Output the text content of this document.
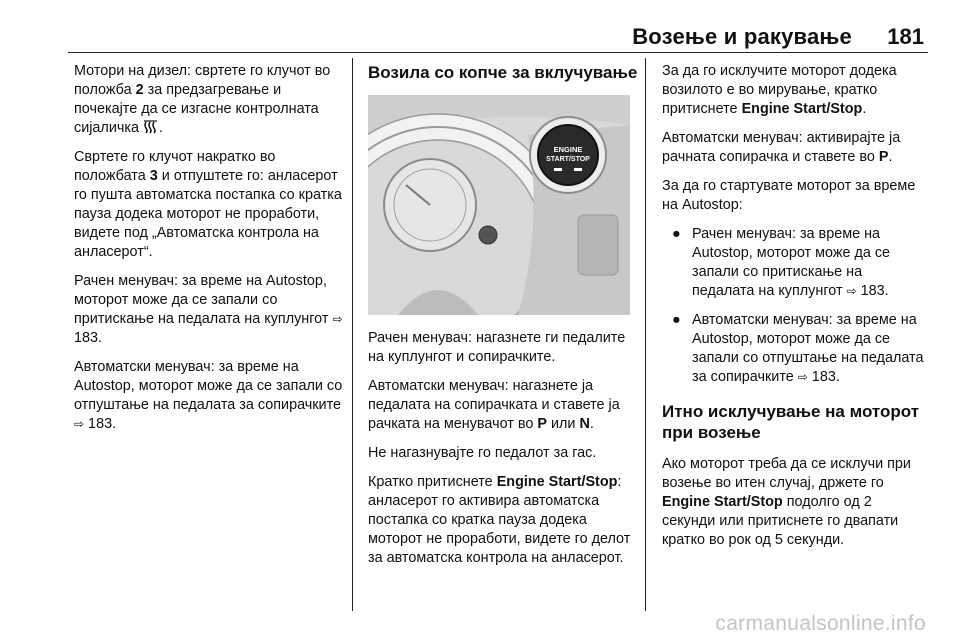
Возење и ракување 181

Мотори на дизел: свртете го клучот во положба 2 за предзагревање и почекајте да се изгасне контролната сијаличка .

Свртете го клучот накратко во положбата 3 и отпуштете го: анласерот го пушта автоматска постапка со кратка пауза додека моторот не проработи, видете под „Автоматска контрола на анласерот“.

Рачен менувач: за време на Autostop, моторот може да се запали со притискање на педалата на куплунгот ⇨ 183.

Автоматски менувач: за време на Autostop, моторот може да се запали со отпуштање на педалата за сопирачките ⇨ 183.

Возила со копче за вклучување
ENGINE
START/STOP

Рачен менувач: нагазнете ги педалите на куплунгот и сопирачките.

Автоматски менувач: нагазнете ја педалата на сопирачката и ставете ја рачката на менувачот во P или N.

Не нагазнувајте го педалот за гас.

Кратко притиснете Engine Start/Stop: анласерот го активира автоматска постапка со кратка пауза додека моторот не проработи, видете го делот за автоматска контрола на анласерот.

За да го исклучите моторот додека возилото е во мирување, кратко притиснете Engine Start/Stop.

Автоматски менувач: активирајте ја рачната сопирачка и ставете во P.

За да го стартувате моторот за време на Autostop:

● Рачен менувач: за време на Autostop, моторот може да се запали со притискање на педалата на куплунгот ⇨ 183.
● Автоматски менувач: за време на Autostop, моторот може да се запали со отпуштање на педалата за сопирачките ⇨ 183.
Итно исклучување на моторот при возење

Ако моторот треба да се исклучи при возење во итен случај, држете го Engine Start/Stop подолго од 2 секунди или притиснете го двапати кратко во рок од 5 секунди.

carmanualsonline.info
